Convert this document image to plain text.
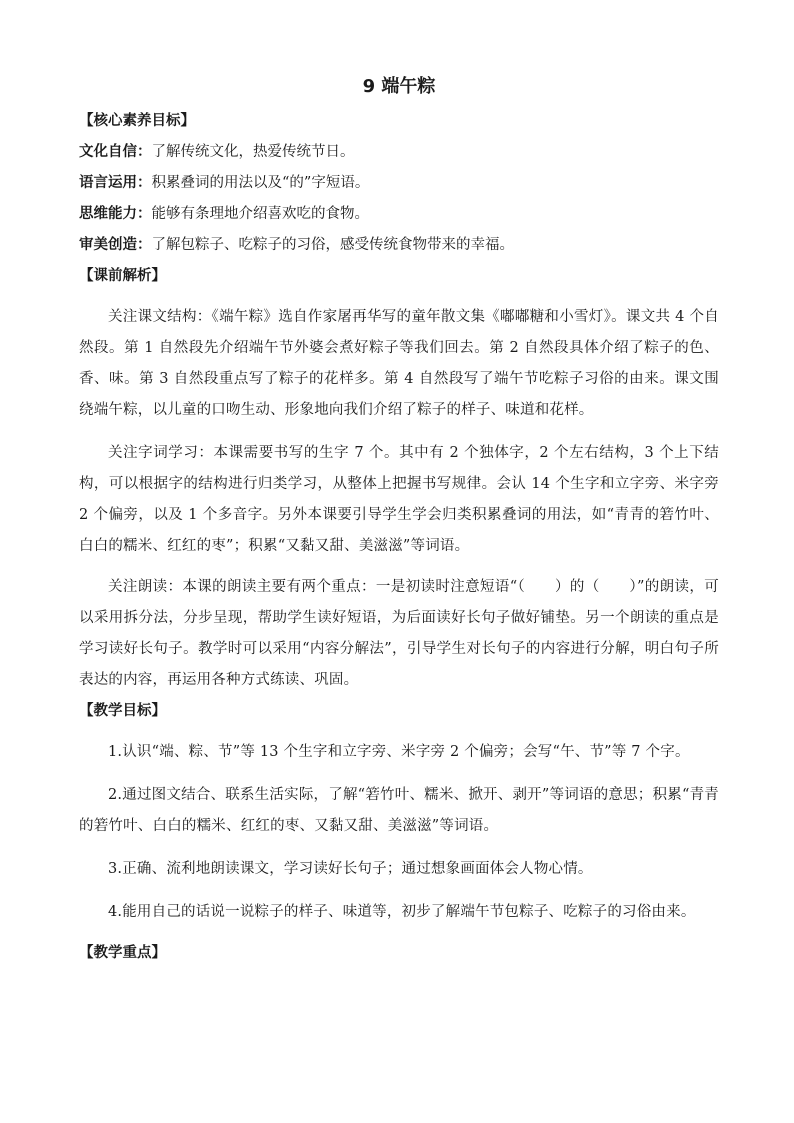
9 端午粽

【核心素养目标】

文化自信：了解传统文化，热爱传统节日。

语言运用：积累叠词的用法以及“的”字短语。

思维能力：能够有条理地介绍喜欢吃的食物。

审美创造：了解包粽子、吃粽子的习俗，感受传统食物带来的幸福。

【课前解析】

关注课文结构：《端午粽》选自作家屠再华写的童年散文集《嘟嘟糖和小雪灯》。课文共 4 个自然段。第 1 自然段先介绍端午节外婆会煮好粽子等我们回去。第 2 自然段具体介绍了粽子的色、香、味。第 3 自然段重点写了粽子的花样多。第 4 自然段写了端午节吃粽子习俗的由来。课文围绕端午粽，以儿童的口吻生动、形象地向我们介绍了粽子的样子、味道和花样。

关注字词学习：本课需要书写的生字 7 个。其中有 2 个独体字，2 个左右结构，3 个上下结构，可以根据字的结构进行归类学习，从整体上把握书写规律。会认 14 个生字和立字旁、米字旁 2 个偏旁，以及 1 个多音字。另外本课要引导学生学会归类积累叠词的用法，如“青青的箬竹叶、白白的糯米、红红的枣”；积累“又黏又甜、美滋滋”等词语。

关注朗读：本课的朗读主要有两个重点：一是初读时注意短语“（　　）的（　　）”的朗读，可以采用拆分法，分步呈现，帮助学生读好短语，为后面读好长句子做好铺垫。另一个朗读的重点是学习读好长句子。教学时可以采用“内容分解法”，引导学生对长句子的内容进行分解，明白句子所表达的内容，再运用各种方式练读、巩固。

【教学目标】

1.认识“端、粽、节”等 13 个生字和立字旁、米字旁 2 个偏旁；会写“午、节”等 7 个字。

2.通过图文结合、联系生活实际，了解“箬竹叶、糯米、掀开、剥开”等词语的意思；积累“青青的箬竹叶、白白的糯米、红红的枣、又黏又甜、美滋滋”等词语。

3.正确、流利地朗读课文，学习读好长句子；通过想象画面体会人物心情。

4.能用自己的话说一说粽子的样子、味道等，初步了解端午节包粽子、吃粽子的习俗由来。

【教学重点】
